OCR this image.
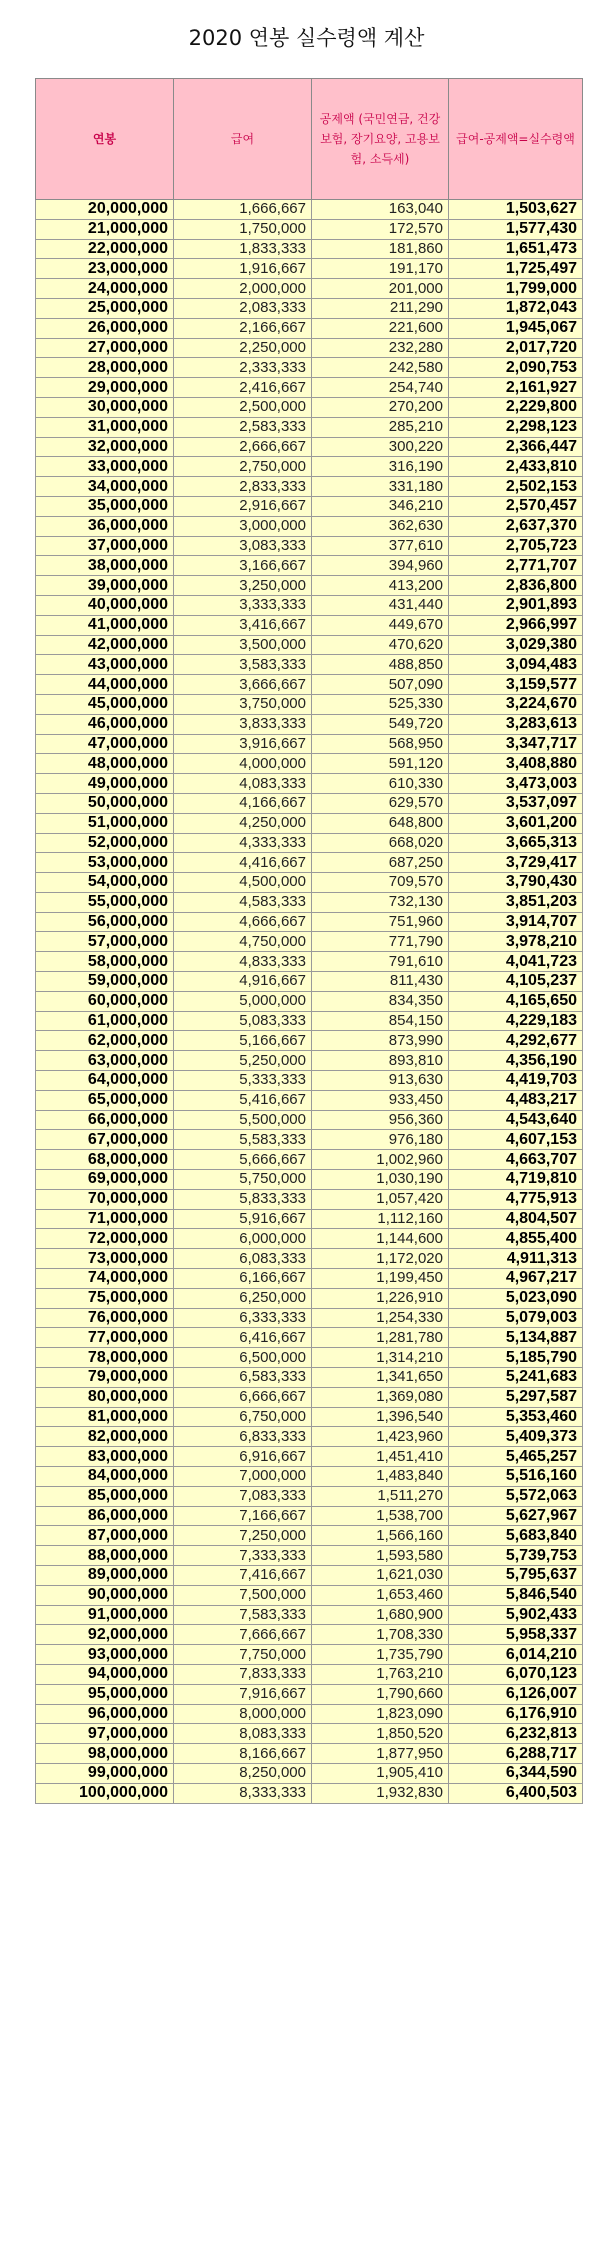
2020 연봉 실수령액 계산
연봉	급여	공제액 (국민연금, 건강보험, 장기요양, 고용보험, 소득세)	급여-공제액=실수령액
20,000,000	1,666,667	163,040	1,503,627
21,000,000	1,750,000	172,570	1,577,430
22,000,000	1,833,333	181,860	1,651,473
23,000,000	1,916,667	191,170	1,725,497
24,000,000	2,000,000	201,000	1,799,000
25,000,000	2,083,333	211,290	1,872,043
26,000,000	2,166,667	221,600	1,945,067
27,000,000	2,250,000	232,280	2,017,720
28,000,000	2,333,333	242,580	2,090,753
29,000,000	2,416,667	254,740	2,161,927
30,000,000	2,500,000	270,200	2,229,800
31,000,000	2,583,333	285,210	2,298,123
32,000,000	2,666,667	300,220	2,366,447
33,000,000	2,750,000	316,190	2,433,810
34,000,000	2,833,333	331,180	2,502,153
35,000,000	2,916,667	346,210	2,570,457
36,000,000	3,000,000	362,630	2,637,370
37,000,000	3,083,333	377,610	2,705,723
38,000,000	3,166,667	394,960	2,771,707
39,000,000	3,250,000	413,200	2,836,800
40,000,000	3,333,333	431,440	2,901,893
41,000,000	3,416,667	449,670	2,966,997
42,000,000	3,500,000	470,620	3,029,380
43,000,000	3,583,333	488,850	3,094,483
44,000,000	3,666,667	507,090	3,159,577
45,000,000	3,750,000	525,330	3,224,670
46,000,000	3,833,333	549,720	3,283,613
47,000,000	3,916,667	568,950	3,347,717
48,000,000	4,000,000	591,120	3,408,880
49,000,000	4,083,333	610,330	3,473,003
50,000,000	4,166,667	629,570	3,537,097
51,000,000	4,250,000	648,800	3,601,200
52,000,000	4,333,333	668,020	3,665,313
53,000,000	4,416,667	687,250	3,729,417
54,000,000	4,500,000	709,570	3,790,430
55,000,000	4,583,333	732,130	3,851,203
56,000,000	4,666,667	751,960	3,914,707
57,000,000	4,750,000	771,790	3,978,210
58,000,000	4,833,333	791,610	4,041,723
59,000,000	4,916,667	811,430	4,105,237
60,000,000	5,000,000	834,350	4,165,650
61,000,000	5,083,333	854,150	4,229,183
62,000,000	5,166,667	873,990	4,292,677
63,000,000	5,250,000	893,810	4,356,190
64,000,000	5,333,333	913,630	4,419,703
65,000,000	5,416,667	933,450	4,483,217
66,000,000	5,500,000	956,360	4,543,640
67,000,000	5,583,333	976,180	4,607,153
68,000,000	5,666,667	1,002,960	4,663,707
69,000,000	5,750,000	1,030,190	4,719,810
70,000,000	5,833,333	1,057,420	4,775,913
71,000,000	5,916,667	1,112,160	4,804,507
72,000,000	6,000,000	1,144,600	4,855,400
73,000,000	6,083,333	1,172,020	4,911,313
74,000,000	6,166,667	1,199,450	4,967,217
75,000,000	6,250,000	1,226,910	5,023,090
76,000,000	6,333,333	1,254,330	5,079,003
77,000,000	6,416,667	1,281,780	5,134,887
78,000,000	6,500,000	1,314,210	5,185,790
79,000,000	6,583,333	1,341,650	5,241,683
80,000,000	6,666,667	1,369,080	5,297,587
81,000,000	6,750,000	1,396,540	5,353,460
82,000,000	6,833,333	1,423,960	5,409,373
83,000,000	6,916,667	1,451,410	5,465,257
84,000,000	7,000,000	1,483,840	5,516,160
85,000,000	7,083,333	1,511,270	5,572,063
86,000,000	7,166,667	1,538,700	5,627,967
87,000,000	7,250,000	1,566,160	5,683,840
88,000,000	7,333,333	1,593,580	5,739,753
89,000,000	7,416,667	1,621,030	5,795,637
90,000,000	7,500,000	1,653,460	5,846,540
91,000,000	7,583,333	1,680,900	5,902,433
92,000,000	7,666,667	1,708,330	5,958,337
93,000,000	7,750,000	1,735,790	6,014,210
94,000,000	7,833,333	1,763,210	6,070,123
95,000,000	7,916,667	1,790,660	6,126,007
96,000,000	8,000,000	1,823,090	6,176,910
97,000,000	8,083,333	1,850,520	6,232,813
98,000,000	8,166,667	1,877,950	6,288,717
99,000,000	8,250,000	1,905,410	6,344,590
100,000,000	8,333,333	1,932,830	6,400,503
